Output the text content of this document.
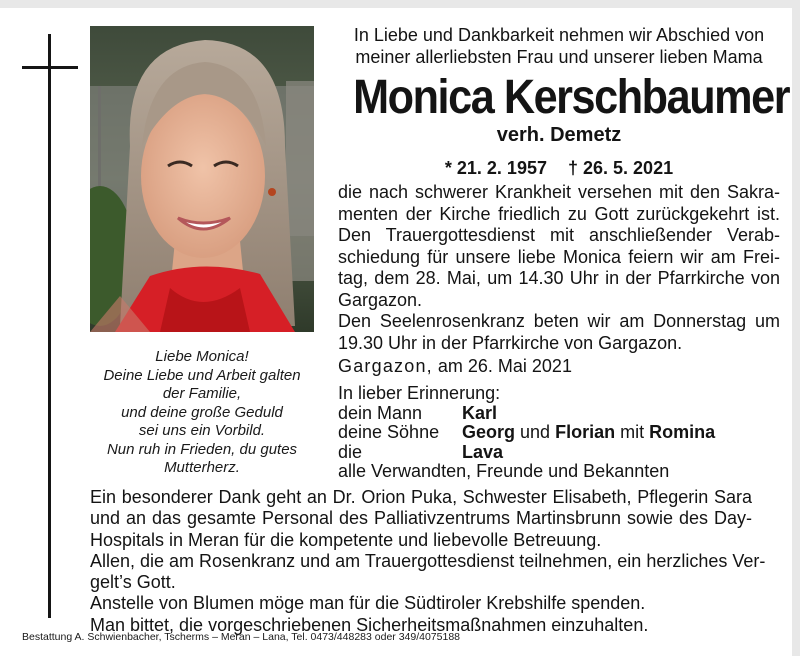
Liebe Monica!
Deine Liebe und Arbeit galten
der Familie,
und deine große Geduld
sei uns ein Vorbild.
Nun ruh in Frieden, du gutes
Mutterherz.
In Liebe und Dankbarkeit nehmen wir Abschied von
meiner allerliebsten Frau und unserer lieben Mama
Monica Kerschbaumer
verh. Demetz
* 21. 2. 1957 † 26. 5. 2021
die nach schwerer Krankheit versehen mit den Sakra-
menten der Kirche friedlich zu Gott zurückgekehrt ist.
Den Trauergottesdienst mit anschließender Verab-
schiedung für unsere liebe Monica feiern wir am Frei-
tag, dem 28. Mai, um 14.30 Uhr in der Pfarrkirche von
Gargazon.
Den Seelenrosenkranz beten wir am Donnerstag um
19.30 Uhr in der Pfarrkirche von Gargazon.
Gargazon, am 26. Mai 2021
In lieber Erinnerung:
dein Mann	Karl
deine Söhne	Georg und Florian mit Romina
die	Lava
alle Verwandten, Freunde und Bekannten
Ein besonderer Dank geht an Dr. Orion Puka, Schwester Elisabeth, Pflegerin Sara
und an das gesamte Personal des Palliativzentrums Martinsbrunn sowie des Day-
Hospitals in Meran für die kompetente und liebevolle Betreuung.
Allen, die am Rosenkranz und am Trauergottesdienst teilnehmen, ein herzliches Ver-
gelt’s Gott.
Anstelle von Blumen möge man für die Südtiroler Krebshilfe spenden.
Man bittet, die vorgeschriebenen Sicherheitsmaßnahmen einzuhalten.
Bestattung A. Schwienbacher, Tscherms – Meran – Lana, Tel. 0473/448283 oder 349/4075188
